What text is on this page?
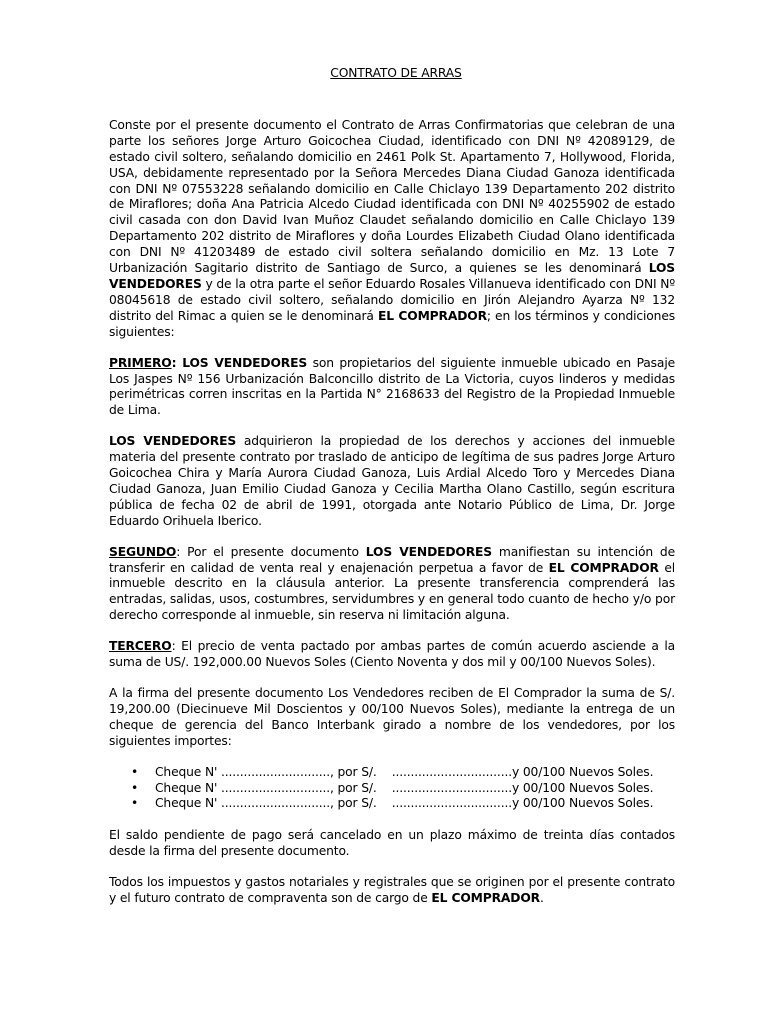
CONTRATO DE ARRAS

Conste por el presente documento el Contrato de Arras Confirmatorias que celebran de una parte los señores Jorge Arturo Goicochea Ciudad, identificado con DNI Nº 42089129, de estado civil soltero, señalando domicilio en 2461 Polk St. Apartamento 7, Hollywood, Florida, USA, debidamente representado por la Señora Mercedes Diana Ciudad Ganoza identificada con DNI Nº 07553228 señalando domicilio en Calle Chiclayo 139 Departamento 202 distrito de Miraflores; doña Ana Patricia Alcedo Ciudad identificada con DNI Nº 40255902 de estado civil casada con don David Ivan Muñoz Claudet señalando domicilio en Calle Chiclayo 139 Departamento 202 distrito de Miraflores y doña Lourdes Elizabeth Ciudad Olano identificada con DNI Nº 41203489 de estado civil soltera señalando domicilio en Mz. 13 Lote 7 Urbanización Sagitario distrito de Santiago de Surco, a quienes se les denominará LOS VENDEDORES y de la otra parte el señor Eduardo Rosales Villanueva identificado con DNI Nº 08045618 de estado civil soltero, señalando domicilio en Jirón Alejandro Ayarza Nº 132 distrito del Rimac a quien se le denominará EL COMPRADOR; en los términos y condiciones siguientes:

PRIMERO: LOS VENDEDORES son propietarios del siguiente inmueble ubicado en Pasaje Los Jaspes Nº 156 Urbanización Balconcillo distrito de La Victoria, cuyos linderos y medidas perimétricas corren inscritas en la Partida N° 2168633 del Registro de la Propiedad Inmueble de Lima.

LOS VENDEDORES adquirieron la propiedad de los derechos y acciones del inmueble materia del presente contrato por traslado de anticipo de legítima de sus padres Jorge Arturo Goicochea Chira y María Aurora Ciudad Ganoza, Luis Ardial Alcedo Toro y Mercedes Diana Ciudad Ganoza, Juan Emilio Ciudad Ganoza y Cecilia Martha Olano Castillo, según escritura pública de fecha 02 de abril de 1991, otorgada ante Notario Público de Lima, Dr. Jorge Eduardo Orihuela Iberico.

SEGUNDO: Por el presente documento LOS VENDEDORES manifiestan su intención de transferir en calidad de venta real y enajenación perpetua a favor de EL COMPRADOR el inmueble descrito en la cláusula anterior. La presente transferencia comprenderá las entradas, salidas, usos, costumbres, servidumbres y en general todo cuanto de hecho y/o por derecho corresponde al inmueble, sin reserva ni limitación alguna.

TERCERO: El precio de venta pactado por ambas partes de común acuerdo asciende a la suma de US/. 192,000.00 Nuevos Soles (Ciento Noventa y dos mil y 00/100 Nuevos Soles).

A la firma del presente documento Los Vendedores reciben de El Comprador la suma de S/. 19,200.00 (Diecinueve Mil Doscientos y 00/100 Nuevos Soles), mediante la entrega de un cheque de gerencia del Banco Interbank girado a nombre de los vendedores, por los siguientes importes:

• Cheque N' ............................., por S/. ................................y 00/100 Nuevos Soles.
• Cheque N' ............................., por S/. ................................y 00/100 Nuevos Soles.
• Cheque N' ............................., por S/. ................................y 00/100 Nuevos Soles.

El saldo pendiente de pago será cancelado en un plazo máximo de treinta días contados desde la firma del presente documento.

Todos los impuestos y gastos notariales y registrales que se originen por el presente contrato y el futuro contrato de compraventa son de cargo de EL COMPRADOR.
